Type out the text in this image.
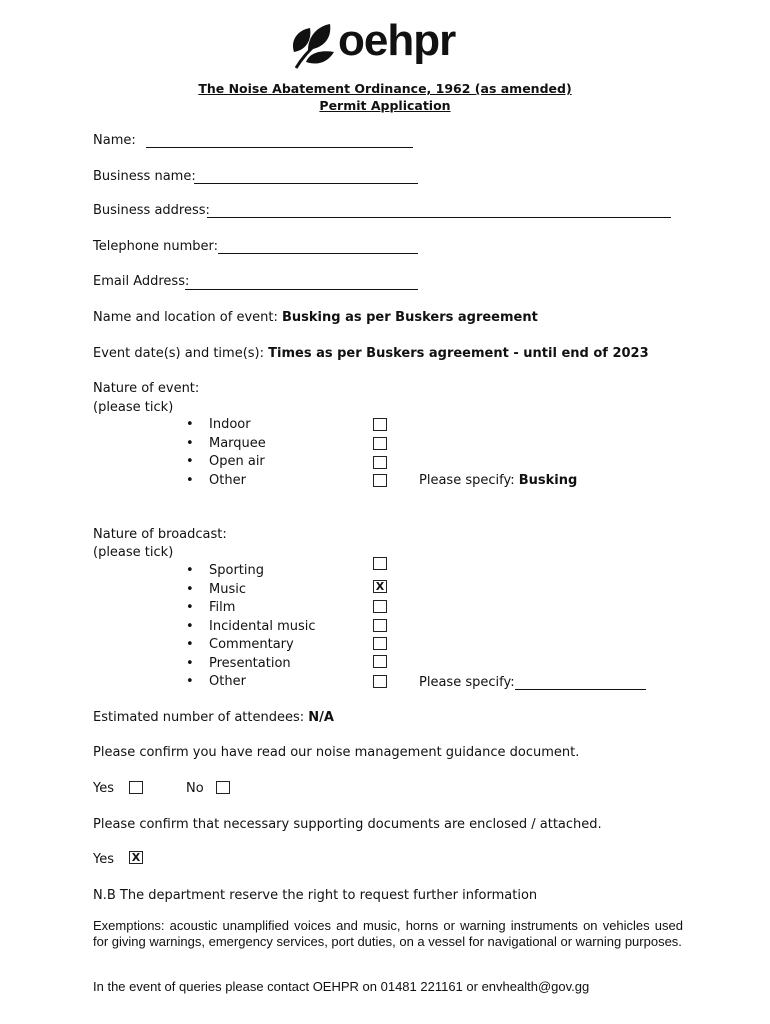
oehpr
The Noise Abatement Ordinance, 1962 (as amended)
Permit Application
Name:
Business name:
Business address:
Telephone number:
Email Address:
Name and location of event: Busking as per Buskers agreement
Event date(s) and time(s): Times as per Buskers agreement - until end of 2023
Nature of event:
(please tick)
• Indoor
• Marquee
• Open air
• Other	Please specify: Busking
Nature of broadcast:
(please tick)
• Sporting
• Music
• Film
• Incidental music
• Commentary
• Presentation
• Other
X
Please specify:
Estimated number of attendees: N/A
Please confirm you have read our noise management guidance document.
Yes	No
Please confirm that necessary supporting documents are enclosed / attached.
Yes X
N.B The department reserve the right to request further information
Exemptions: acoustic unamplified voices and music, horns or warning instruments on vehicles used for giving warnings, emergency services, port duties, on a vessel for navigational or warning purposes.
In the event of queries please contact OEHPR on 01481 221161 or envhealth@gov.gg
